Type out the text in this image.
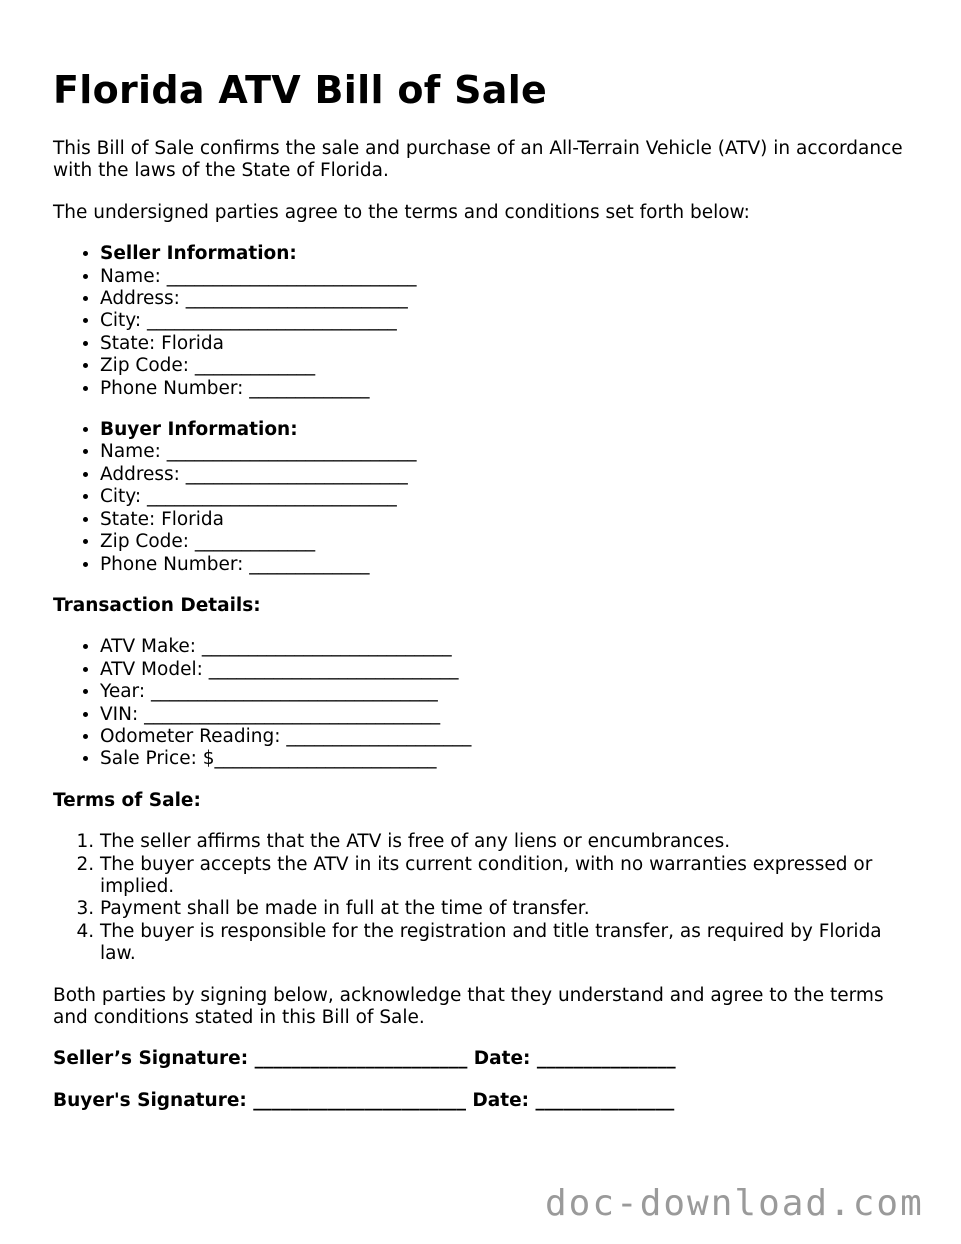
Florida ATV Bill of Sale

This Bill of Sale confirms the sale and purchase of an All-Terrain Vehicle (ATV) in accordance with the laws of the State of Florida.

The undersigned parties agree to the terms and conditions set forth below:

• Seller Information:
• Name: ___________________________
• Address: ________________________
• City: ___________________________
• State: Florida
• Zip Code: _____________
• Phone Number: _____________
• Buyer Information:
• Name: ___________________________
• Address: ________________________
• City: ___________________________
• State: Florida
• Zip Code: _____________
• Phone Number: _____________
Transaction Details:
• ATV Make: ___________________________
• ATV Model: ___________________________
• Year: _______________________________
• VIN: ________________________________
• Odometer Reading: ____________________
• Sale Price: $________________________
Terms of Sale:
1. The seller affirms that the ATV is free of any liens or encumbrances.
2. The buyer accepts the ATV in its current condition, with no warranties expressed or implied.
3. Payment shall be made in full at the time of transfer.
4. The buyer is responsible for the registration and title transfer, as required by Florida law.

Both parties by signing below, acknowledge that they understand and agree to the terms and conditions stated in this Bill of Sale.

Seller’s Signature: _______________________ Date: _______________
Buyer's Signature: _______________________ Date: _______________
doc-download.com
